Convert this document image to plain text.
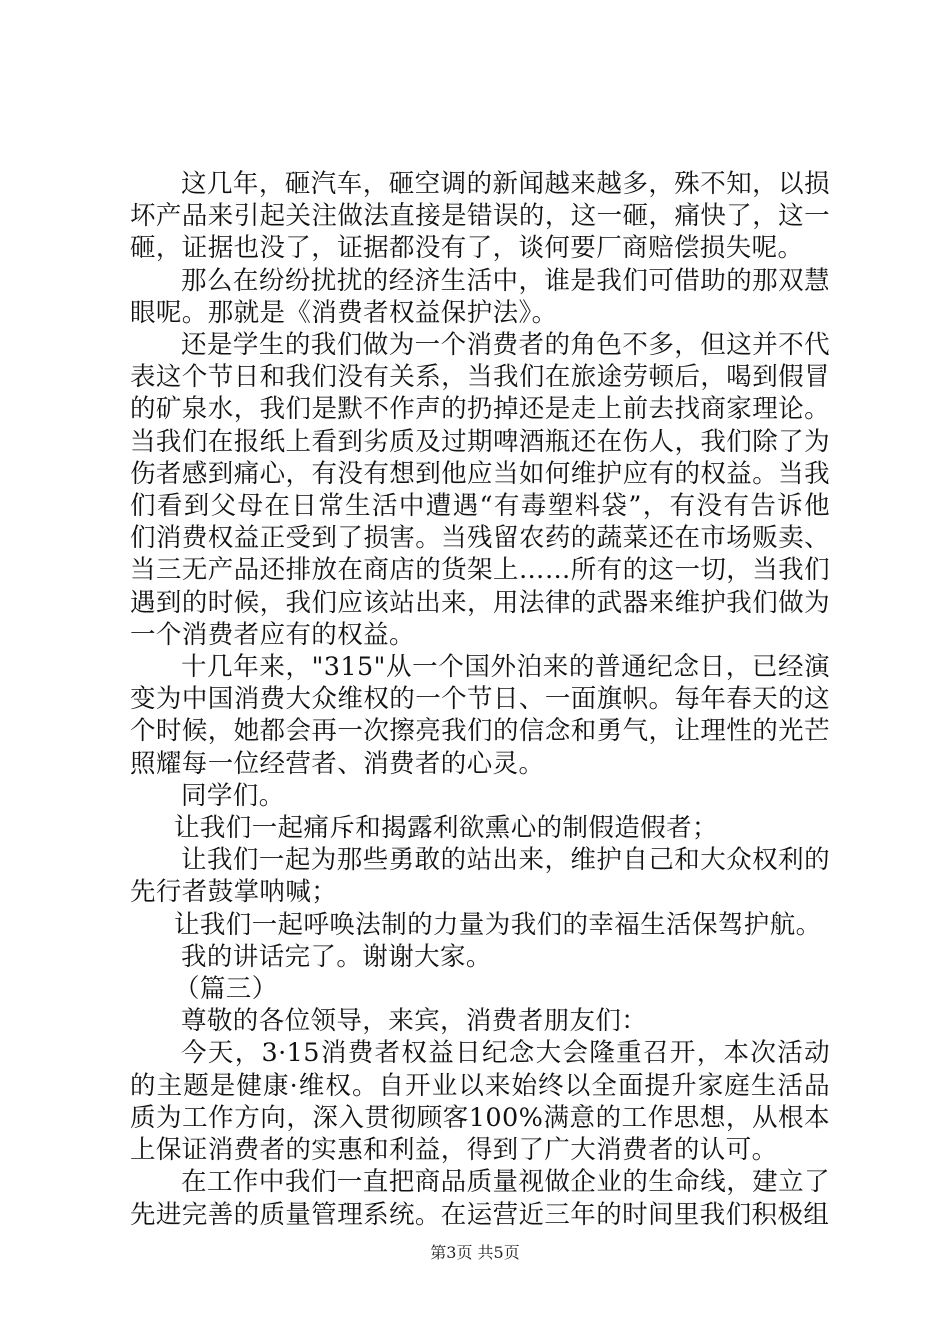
这几年，砸汽车，砸空调的新闻越来越多，殊不知，以损坏产品来引起关注做法直接是错误的，这一砸，痛快了，这一砸，证据也没了，证据都没有了，谈何要厂商赔偿损失呢。

那么在纷纷扰扰的经济生活中，谁是我们可借助的那双慧眼呢。那就是《消费者权益保护法》。

还是学生的我们做为一个消费者的角色不多，但这并不代表这个节日和我们没有关系，当我们在旅途劳顿后，喝到假冒的矿泉水，我们是默不作声的扔掉还是走上前去找商家理论。当我们在报纸上看到劣质及过期啤酒瓶还在伤人，我们除了为伤者感到痛心，有没有想到他应当如何维护应有的权益。当我们看到父母在日常生活中遭遇“有毒塑料袋”，有没有告诉他们消费权益正受到了损害。当残留农药的蔬菜还在市场贩卖、当三无产品还排放在商店的货架上……所有的这一切，当我们遇到的时候，我们应该站出来，用法律的武器来维护我们做为一个消费者应有的权益。

十几年来，"315"从一个国外泊来的普通纪念日，已经演变为中国消费大众维权的一个节日、一面旗帜。每年春天的这个时候，她都会再一次擦亮我们的信念和勇气，让理性的光芒照耀每一位经营者、消费者的心灵。

同学们。

让我们一起痛斥和揭露利欲熏心的制假造假者；

让我们一起为那些勇敢的站出来，维护自己和大众权利的先行者鼓掌呐喊；

让我们一起呼唤法制的力量为我们的幸福生活保驾护航。

我的讲话完了。谢谢大家。

（篇三）

尊敬的各位领导，来宾，消费者朋友们：

今天，3·15消费者权益日纪念大会隆重召开，本次活动的主题是健康·维权。自开业以来始终以全面提升家庭生活品质为工作方向，深入贯彻顾客100%满意的工作思想，从根本上保证消费者的实惠和利益，得到了广大消费者的认可。

在工作中我们一直把商品质量视做企业的生命线，建立了先进完善的质量管理系统。在运营近三年的时间里我们积极组

第3页 共5页
